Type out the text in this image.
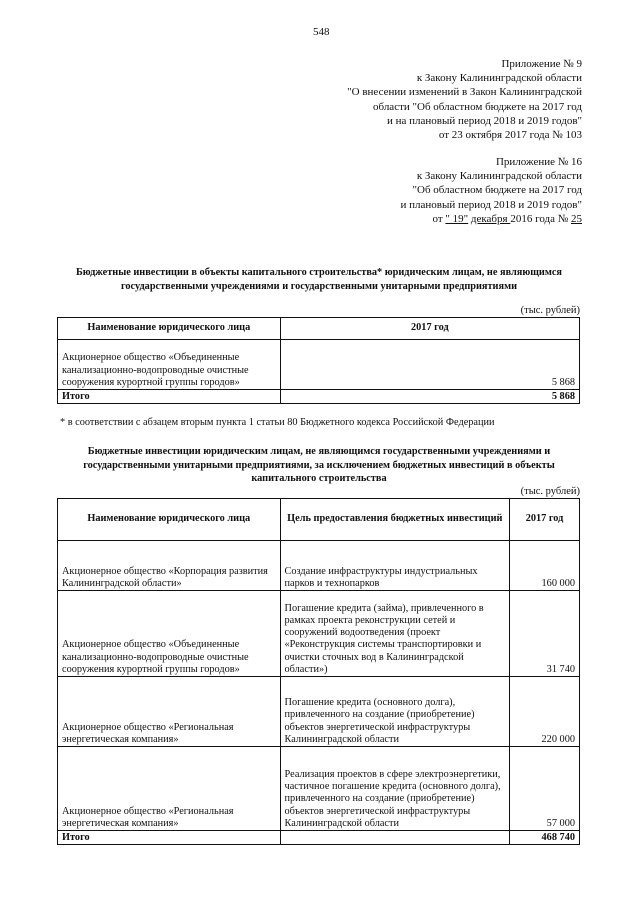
548
Приложение № 9
к Закону Калининградской области
"О внесении изменений в Закон Калининградской
области "Об областном бюджете на 2017 год
и на плановый период 2018 и 2019 годов"
от 23 октября 2017 года № 103
Приложение № 16
к Закону Калининградской области
"Об областном бюджете на 2017 год
и плановый период 2018 и 2019 годов"
от " 19" декабря 2016 года № 25
Бюджетные инвестиции в объекты капитального строительства* юридическим лицам, не являющимся государственными учреждениями и государственными унитарными предприятиями
(тыс. рублей)
Наименование юридического лица	2017 год
Акционерное общество «Объединенные канализационно-водопроводные очистные сооружения курортной группы городов»	5 868
Итого	5 868
* в соответствии с абзацем вторым пункта 1 статьи 80 Бюджетного кодекса Российской Федерации
Бюджетные инвестиции юридическим лицам, не являющимся государственными учреждениями и государственными унитарными предприятиями, за исключением бюджетных инвестиций в объекты капитального строительства
(тыс. рублей)
Наименование юридического лица	Цель предоставления бюджетных инвестиций	2017 год
Акционерное общество «Корпорация развития Калининградской области»	Создание инфраструктуры индустриальных парков и технопарков	160 000
Акционерное общество «Объединенные канализационно-водопроводные очистные сооружения курортной группы городов»	Погашение кредита (займа), привлеченного в рамках проекта реконструкции сетей и сооружений водоотведения (проект «Реконструкция системы транспортировки и очистки сточных вод в Калининградской области»)	31 740
Акционерное общество «Региональная энергетическая компания»	Погашение кредита (основного долга), привлеченного на создание (приобретение) объектов энергетической инфраструктуры Калининградской области	220 000
Акционерное общество «Региональная энергетическая компания»	Реализация проектов в сфере электроэнергетики, частичное погашение кредита (основного долга), привлеченного на создание (приобретение) объектов энергетической инфраструктуры Калининградской области	57 000
Итого		468 740
